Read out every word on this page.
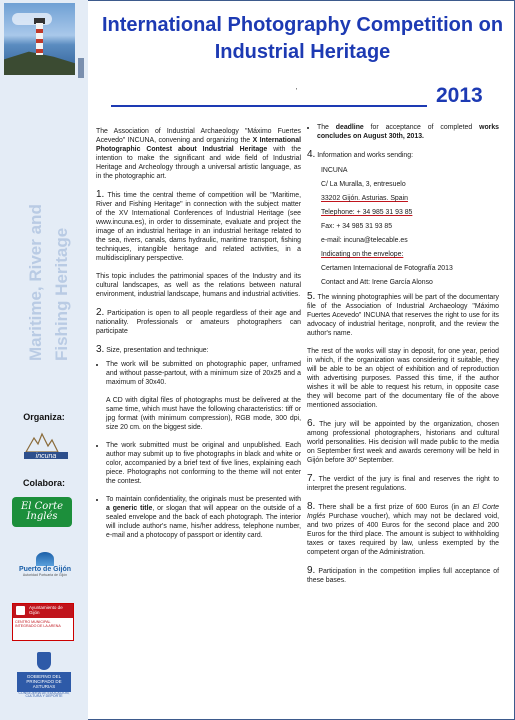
Maritime, River and Fishing Heritage
Organiza:
incuna
Colabora:
El Corte Inglés
Puerto de Gijón
Autoridad Portuaria de Gijón
Ayuntamiento de Gijón
CENTRO MUNICIPAL INTEGRADO DE LA ARENA
GOBIERNO DEL PRINCIPADO DE ASTURIAS
CONSEJERÍA DE EDUCACIÓN, CULTURA Y DEPORTE
International Photography Competition on Industrial Heritage
'	2013

The Association of Industrial Archaeology "Máximo Fuertes Acevedo" INCUNA, convening and organizing the X International Photographic Contest about Industrial Heritage with the intention to make the significant and wide field of Industrial Heritage and Archeology through a universal artistic language, as in the photographic art.

1. This time the central theme of competition will be "Maritime, River and Fishing Heritage" in connection with the subject matter of the XV International Conferences of Industrial Heritage (see www.incuna.es), in order to disseminate, evaluate and project the image of an industrial heritage in an industrial heritage related to the sea, rivers, canals, dams hydraulic, maritime transport, fishing techniques, intangible heritage and related activities, in a multidisciplinary perspective.

This topic includes the patrimonial spaces of the Industry and its cultural landscapes, as well as the relations between natural environment, industrial landscape, humans and industrial activities.

2. Participation is open to all people regardless of their age and nationality. Professionals or amateurs photographers can participate

3. Size, presentation and technique:

• The work will be submitted on photographic paper, unframed and without passe-partout, with a minimum size of 20x25 and a maximum of 30x40.

A CD with digital files of photographs must be delivered at the same time, which must have the following characteristics: tiff or jpg format (with minimum compression), RGB mode, 300 dpi, size 20 cm. on the biggest side.
• The work submitted must be original and unpublished. Each author may submit up to five photographs in black and white or color, accompanied by a brief text of five lines, explaining each piece. Photographs not conforming to the theme will not enter the contest.
• To maintain confidentiality, the originals must be presented with a generic title, or slogan that will appear on the outside of a sealed envelope and the back of each photograph. The interior will include author's name, his/her address, telephone number, e-mail and a photocopy of passport or identity card.
• The deadline for acceptance of completed works concludes on August 30th, 2013.
4. Information and works sending:
INCUNA
C/ La Muralla, 3, entresuelo
33202 Gijón. Asturias. Spain
Telephone: + 34 985 31 93 85
Fax: + 34 985 31 93 85
e-mail: incuna@telecable.es
Indicating on the envelope:
Certamen Internacional de Fotografía 2013
Contact and Att: Irene García Alonso

5. The winning photographies will be part of the documentary file of the Association of Industrial Archaeology "Máximo Fuertes Acevedo" INCUNA that reserves the right to use for its advocacy of industrial heritage, nonprofit, and the review the author's name.

The rest of the works will stay in deposit, for one year, period in which, if the organization was considering it suitable, they will be able to be an object of exhibition and of reproduction with advertising purposes. Passed this time, if the author wishes it will be able to request his return, in opposite case they will become part of the documentary file of the above mentioned association.

6. The jury will be appointed by the organization, chosen among professional photographers, historians and cultural world personalities. His decision will made public to the media on September first week and awards ceremony will be held in Gijón before 30º September.

7. The verdict of the jury is final and reserves the right to interpret the present regulations.

8. There shall be a first prize of 600 Euros (in an El Corte Inglés Purchase voucher), which may not be declared void, and two prizes of 400 Euros for the second place and 200 Euros for the third place. The amount is subject to withholding taxes or taxes required by law, unless exempted by the competent organ of the Administration.

9. Participation in the competition implies full acceptance of these bases.
